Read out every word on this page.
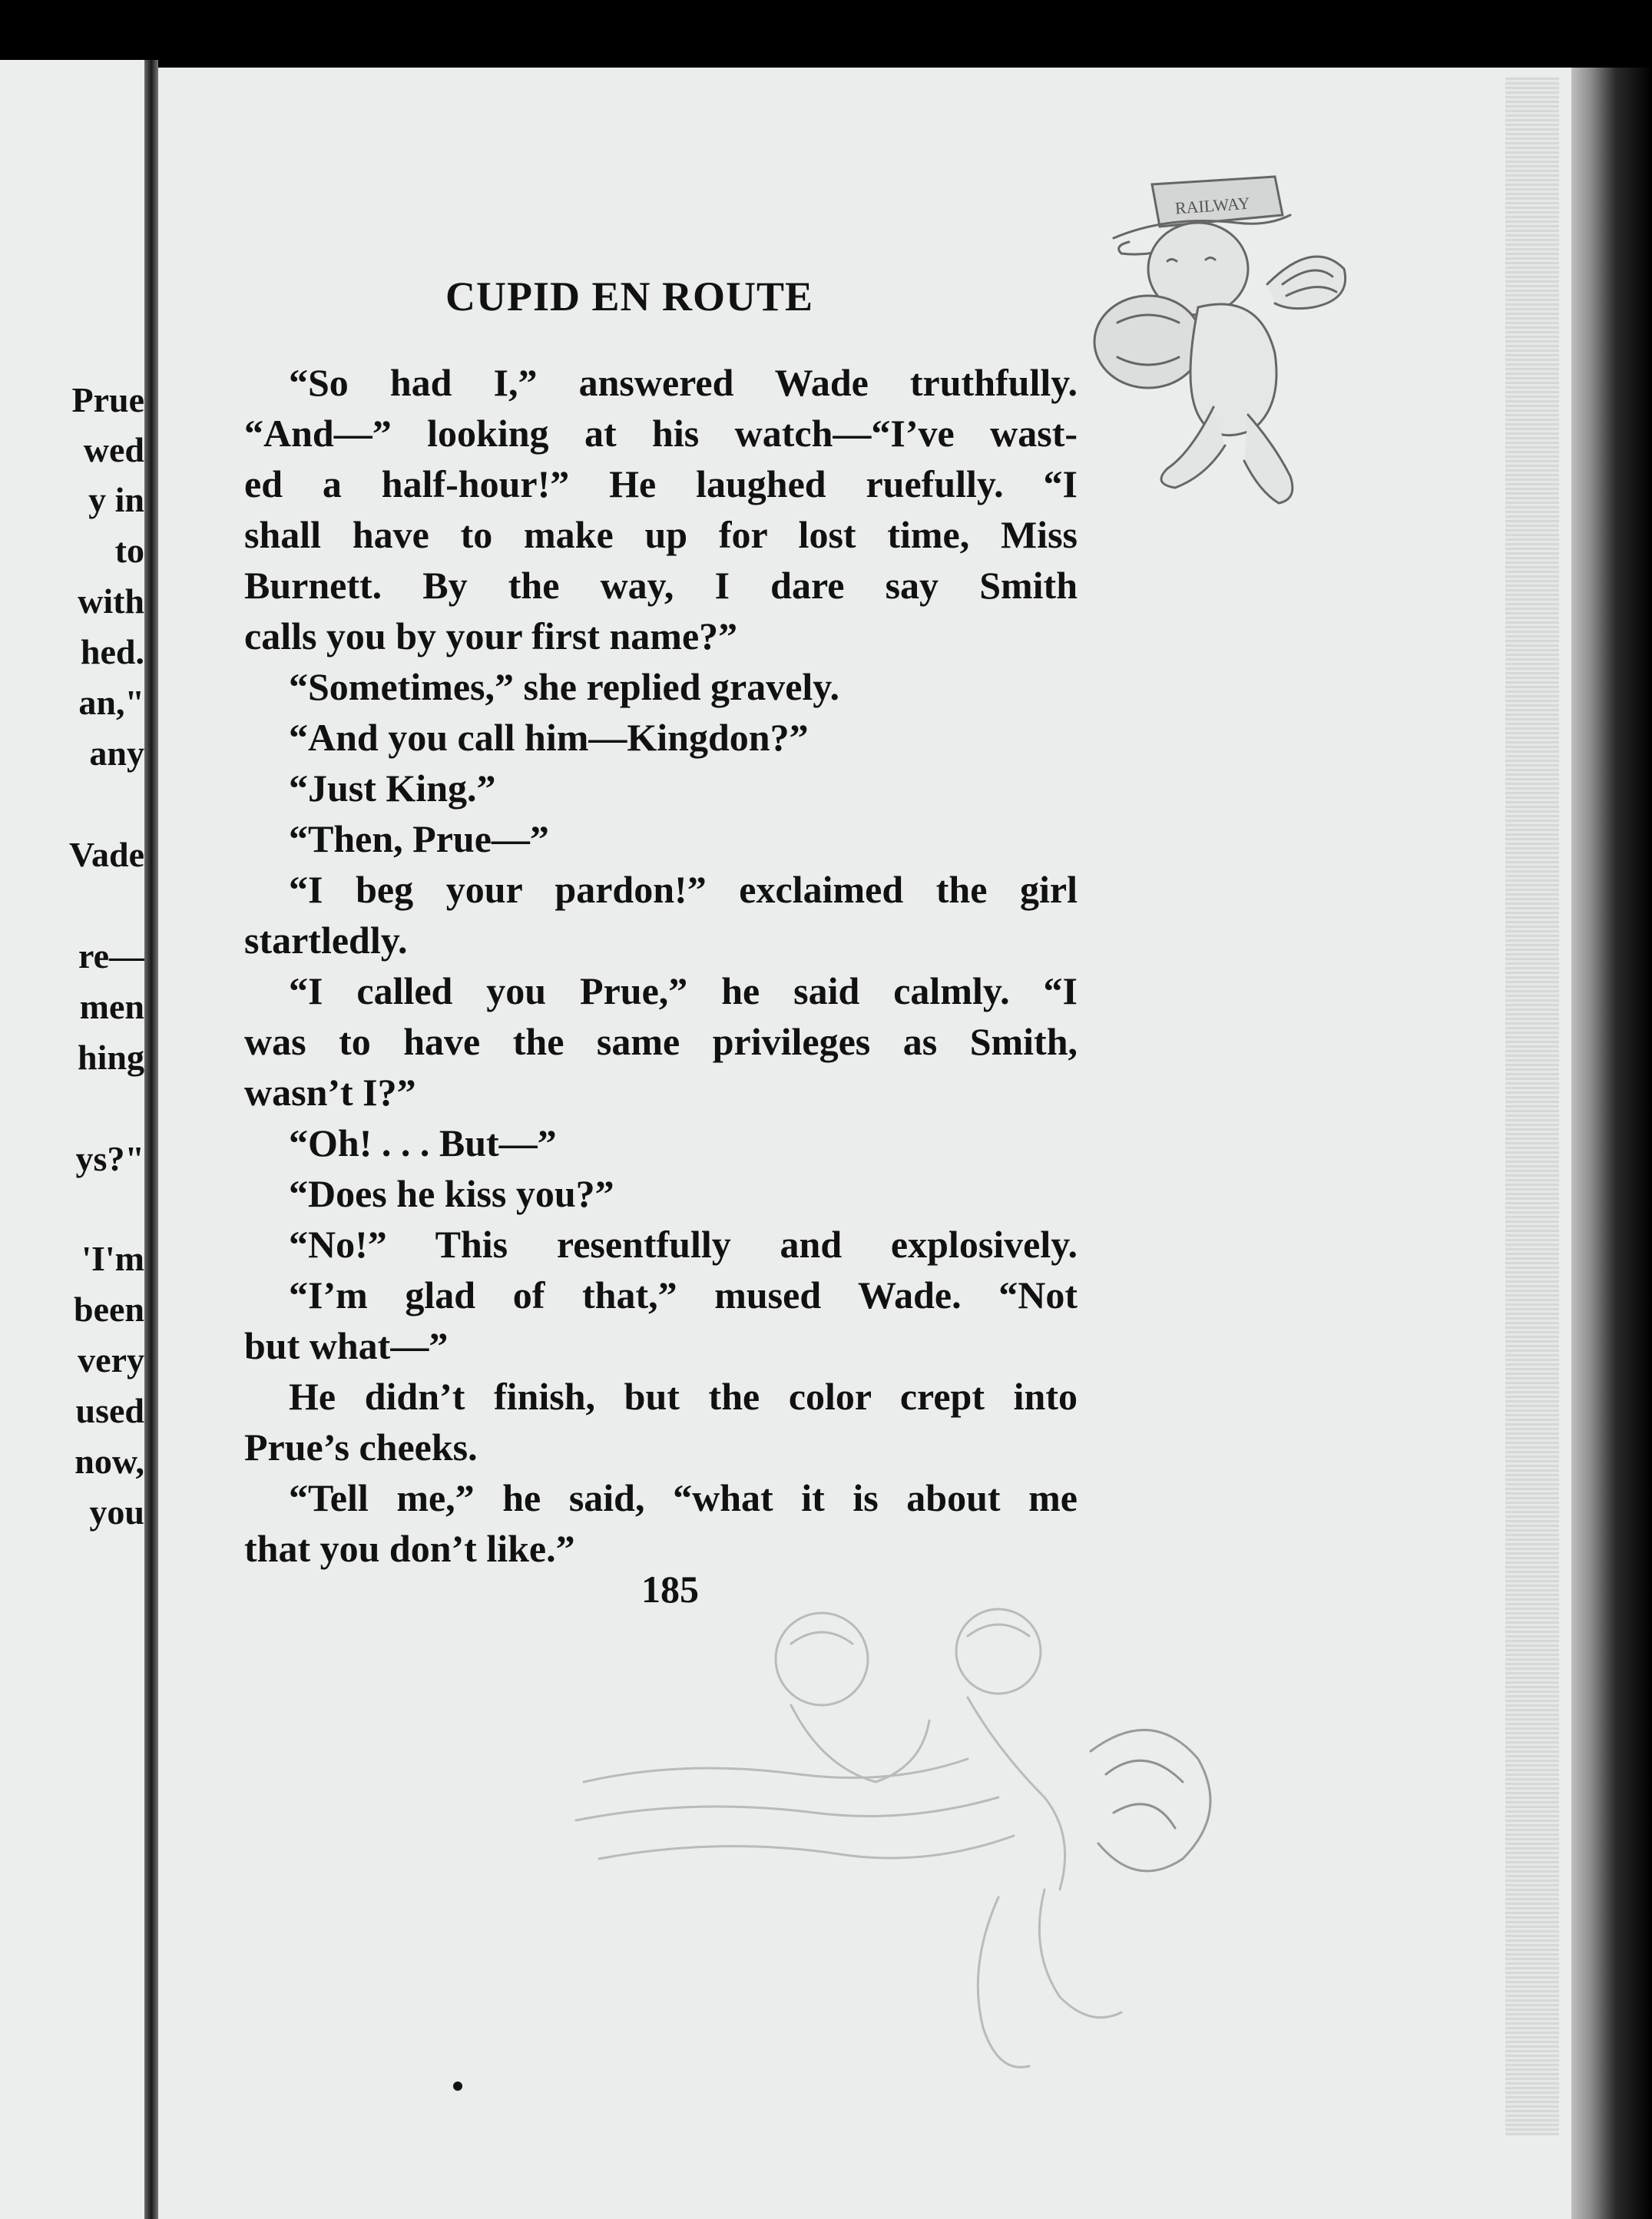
Prue
wed
y in
to
with
hed.
an,"
any
Vade
re—
men
hing
ys?"
'I'm
been
very
used
now,
you
RAILWAY
CUPID EN ROUTE
“So had I,” answered Wade truthfully.
“And—” looking at his watch—“I’ve wast-
ed a half-hour!” He laughed ruefully. “I
shall have to make up for lost time, Miss
Burnett. By the way, I dare say Smith
calls you by your first name?”
“Sometimes,” she replied gravely.
“And you call him—Kingdon?”
“Just King.”
“Then, Prue—”
“I beg your pardon!” exclaimed the girl
startledly.
“I called you Prue,” he said calmly. “I
was to have the same privileges as Smith,
wasn’t I?”
“Oh! . . . But—”
“Does he kiss you?”
“No!” This resentfully and explosively.
“I’m glad of that,” mused Wade. “Not
but what—”
He didn’t finish, but the color crept into
Prue’s cheeks.
“Tell me,” he said, “what it is about me
that you don’t like.”
185
